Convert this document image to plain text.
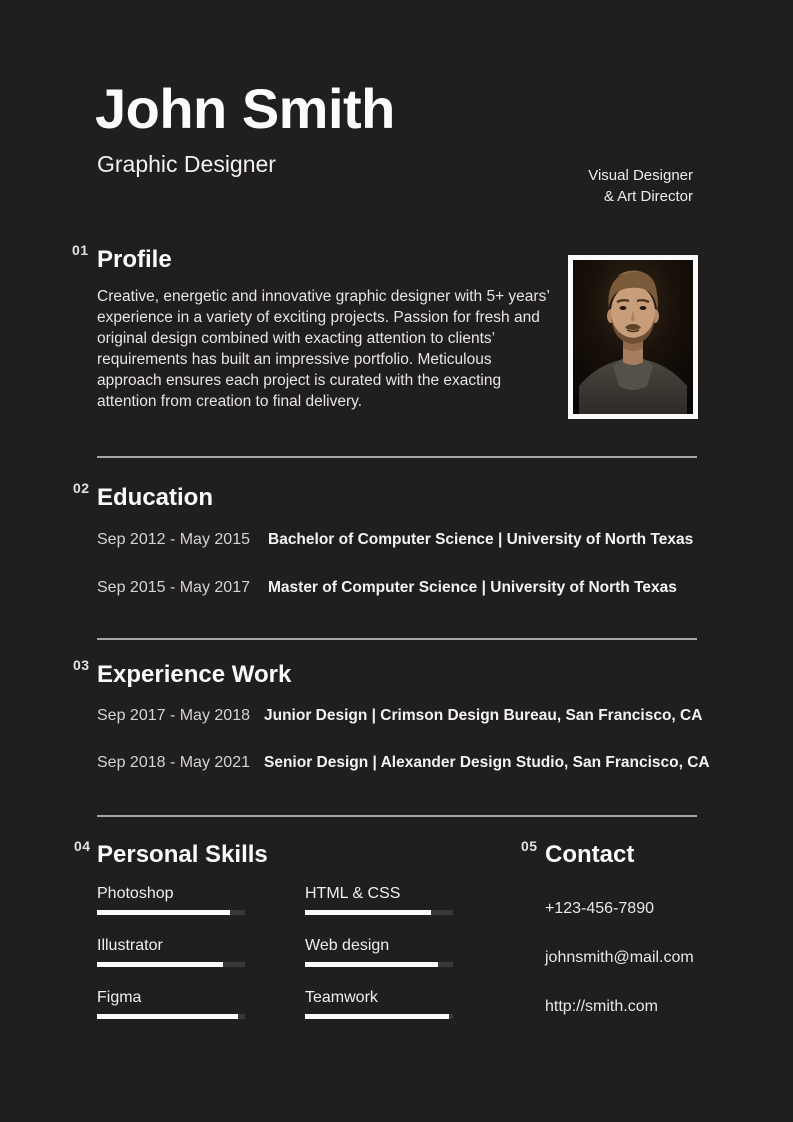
John Smith
Graphic Designer	Visual Designer
& Art Director
01 Profile
Creative, energetic and innovative graphic designer with 5+ years’ experience in a variety of exciting projects. Passion for fresh and original design combined with exacting attention to clients’ requirements has built an impressive portfolio. Meticulous approach ensures each project is curated with the exacting attention from creation to final delivery.
02 Education
Sep 2012 - May 2015 Bachelor of Computer Science | University of North Texas
Sep 2015 - May 2017 Master of Computer Science | University of North Texas
03 Experience Work
Sep 2017 - May 2018 Junior Design | Crimson Design Bureau, San Francisco, CA
Sep 2018 - May 2021 Senior Design | Alexander Design Studio, San Francisco, CA
04 Personal Skills
Photoshop	HTML & CSS
Illustrator	Web design
Figma	Teamwork
05 Contact
+123-456-7890
johnsmith@mail.com
http://smith.com
